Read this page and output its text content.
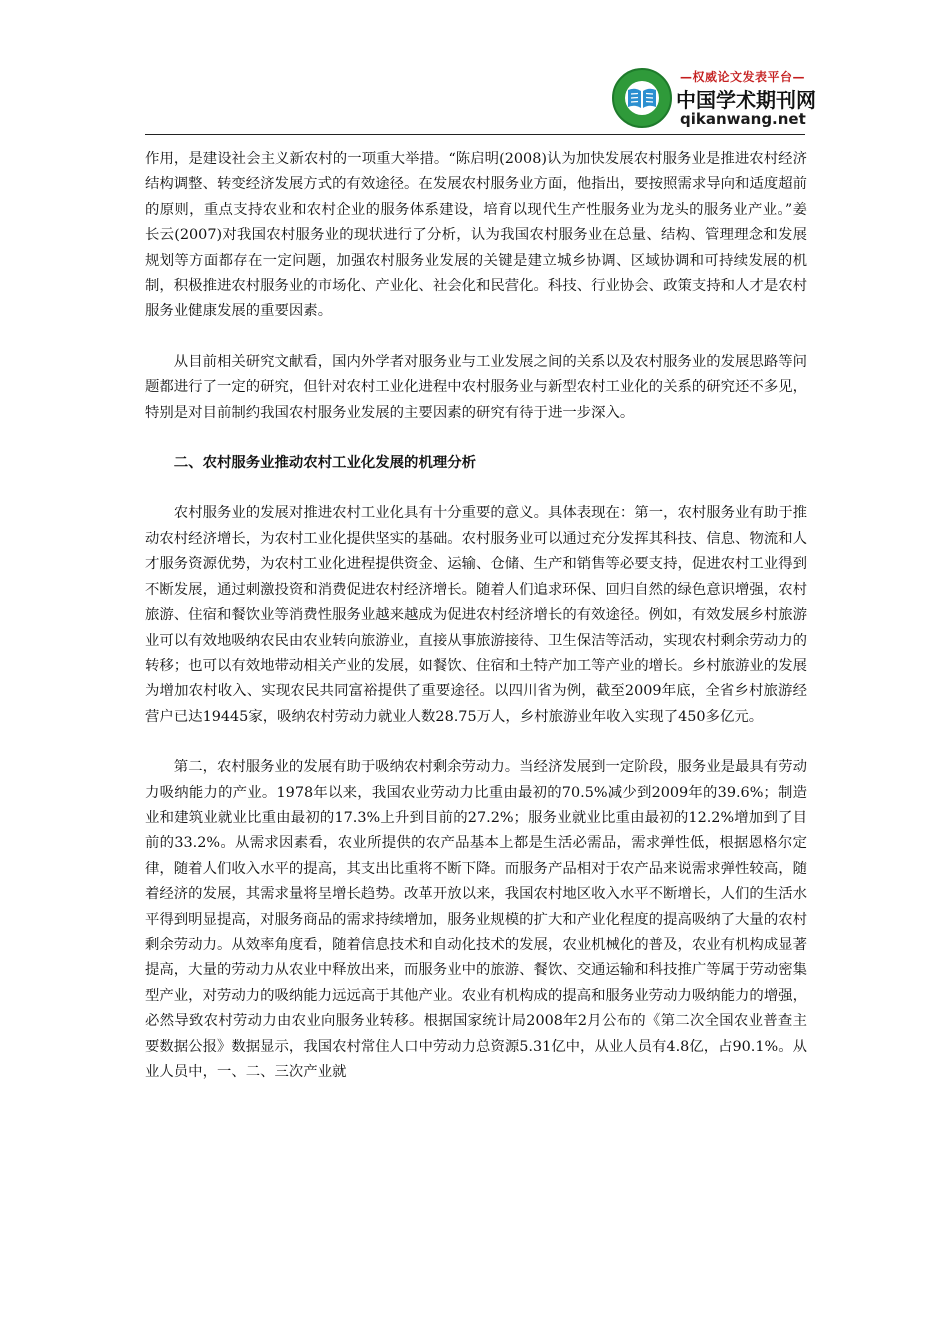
—权威论文发表平台—
中国学术期刊网
qikanwang.net

作用，是建设社会主义新农村的一项重大举措。“陈启明(2008)认为加快发展农村服务业是推进农村经济结构调整、转变经济发展方式的有效途径。在发展农村服务业方面，他指出，要按照需求导向和适度超前的原则，重点支持农业和农村企业的服务体系建设，培育以现代生产性服务业为龙头的服务业产业。”姜长云(2007)对我国农村服务业的现状进行了分析，认为我国农村服务业在总量、结构、管理理念和发展规划等方面都存在一定问题，加强农村服务业发展的关键是建立城乡协调、区域协调和可持续发展的机制，积极推进农村服务业的市场化、产业化、社会化和民营化。科技、行业协会、政策支持和人才是农村服务业健康发展的重要因素。

从目前相关研究文献看，国内外学者对服务业与工业发展之间的关系以及农村服务业的发展思路等问题都进行了一定的研究，但针对农村工业化进程中农村服务业与新型农村工业化的关系的研究还不多见，特别是对目前制约我国农村服务业发展的主要因素的研究有待于进一步深入。

二、农村服务业推动农村工业化发展的机理分析

农村服务业的发展对推进农村工业化具有十分重要的意义。具体表现在：第一，农村服务业有助于推动农村经济增长，为农村工业化提供坚实的基础。农村服务业可以通过充分发挥其科技、信息、物流和人才服务资源优势，为农村工业化进程提供资金、运输、仓储、生产和销售等必要支持，促进农村工业得到不断发展，通过刺激投资和消费促进农村经济增长。随着人们追求环保、回归自然的绿色意识增强，农村旅游、住宿和餐饮业等消费性服务业越来越成为促进农村经济增长的有效途径。例如，有效发展乡村旅游业可以有效地吸纳农民由农业转向旅游业，直接从事旅游接待、卫生保洁等活动，实现农村剩余劳动力的转移；也可以有效地带动相关产业的发展，如餐饮、住宿和土特产加工等产业的增长。乡村旅游业的发展为增加农村收入、实现农民共同富裕提供了重要途径。以四川省为例，截至2009年底，全省乡村旅游经营户已达19445家，吸纳农村劳动力就业人数28.75万人，乡村旅游业年收入实现了450多亿元。

第二，农村服务业的发展有助于吸纳农村剩余劳动力。当经济发展到一定阶段，服务业是最具有劳动力吸纳能力的产业。1978年以来，我国农业劳动力比重由最初的70.5%减少到2009年的39.6%；制造业和建筑业就业比重由最初的17.3%上升到目前的27.2%；服务业就业比重由最初的12.2%增加到了目前的33.2%。从需求因素看，农业所提供的农产品基本上都是生活必需品，需求弹性低，根据恩格尔定律，随着人们收入水平的提高，其支出比重将不断下降。而服务产品相对于农产品来说需求弹性较高，随着经济的发展，其需求量将呈增长趋势。改革开放以来，我国农村地区收入水平不断增长，人们的生活水平得到明显提高，对服务商品的需求持续增加，服务业规模的扩大和产业化程度的提高吸纳了大量的农村剩余劳动力。从效率角度看，随着信息技术和自动化技术的发展，农业机械化的普及，农业有机构成显著提高，大量的劳动力从农业中释放出来，而服务业中的旅游、餐饮、交通运输和科技推广等属于劳动密集型产业，对劳动力的吸纳能力远远高于其他产业。农业有机构成的提高和服务业劳动力吸纳能力的增强，必然导致农村劳动力由农业向服务业转移。根据国家统计局2008年2月公布的《第二次全国农业普查主要数据公报》数据显示，我国农村常住人口中劳动力总资源5.31亿中，从业人员有4.8亿，占90.1%。从业人员中，一、二、三次产业就
